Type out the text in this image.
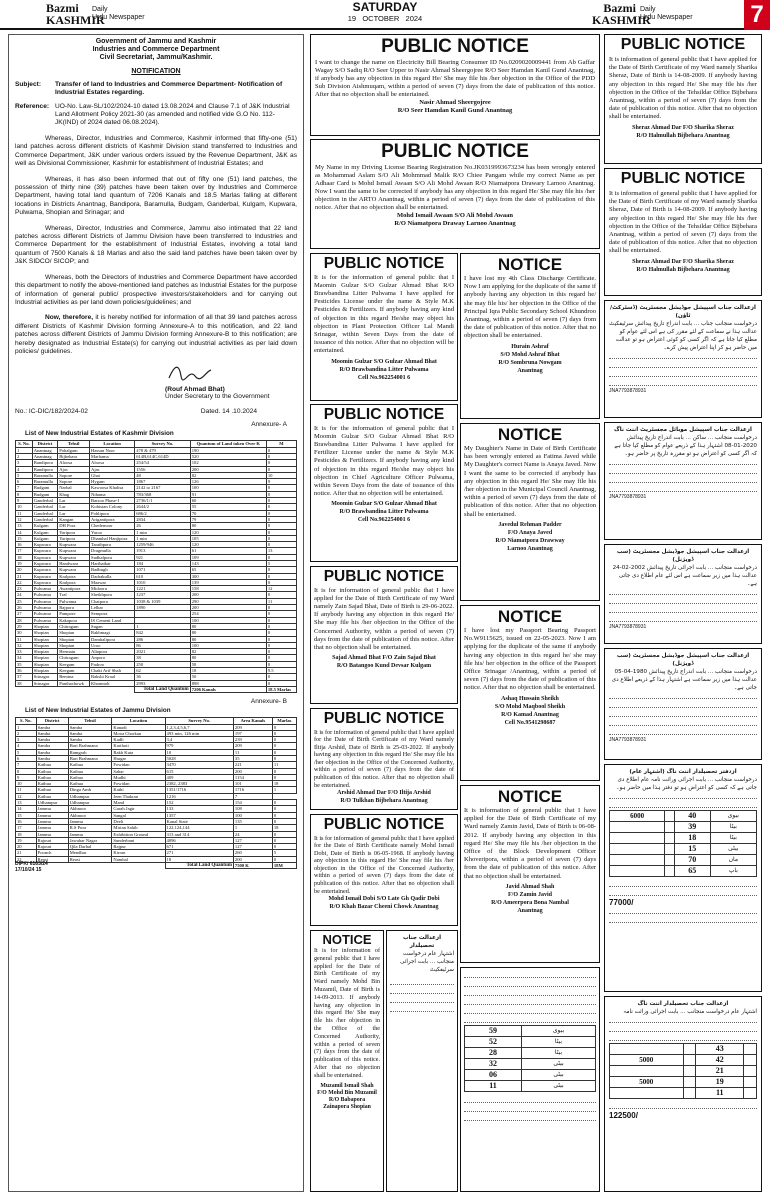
Bazmi
KASHMIR
Daily
Urdu Newspaper
SATURDAY
19   OCTOBER   2024
Bazmi
KASHMIR
Daily
Urdu Newspaper 7
Government of Jammu and Kashmir
Industries and Commerce Department
Civil Secretariat, Jammu/Kashmir.
NOTIFICATION
Subject:	Transfer of land to Industries and Commerce Department- Notification of Industrial Estates regarding.
Reference: UO-No. Law-SL/102/2024-10 dated 13.08.2024 and Clause 7.1 of J&K Industrial Land Allotment Policy 2021-30 (as amended and notified vide G.O No. 112-JK(IND) of 2024 dated 06.08.2024).

Whereas, Director, Industries and Commerce, Kashmir informed that fifty-one (51) land patches across different districts of Kashmir Division stand transferred to Industries and Commerce Department, J&K under various orders issued by the Revenue Department, J&K as well as Divisional Commissioner, Kashmir for establishment of Industrial Estates; and

Whereas, it has also been informed that out of fifty one (51) land patches, the possession of thirty nine (39) patches have been taken over by Industries and Commerce Department, having total land quantum of 7206 Kanals and 18.5 Marlas falling at different locations in Districts Anantnag, Bandipora, Baramulla, Budgam, Ganderbal, Kulgam, Kupwara, Pulwama, Shopian and Srinagar; and

Whereas, Director, Industries and Commerce, Jammu also intimated that 22 land patches across different Districts of Jammu Division have been transferred to Industries and Commerce Department for the establishment of Industrial Estates, involving a total land quantum of 7500 Kanals & 18 Marlas and also the said land patches have been taken over by J&K SIDCO/ SICOP; and

Whereas, both the Directors of Industries and Commerce Department have accorded this department to notify the above-mentioned land patches as Industrial Estates for the purpose of information of general public/ prospective investors/stakeholders and for carrying out Industrial activities as per land down policies/guidelines; and

Now, therefore, it is hereby notified for information of all that 39 land patches across different Districts of Kashmir Division forming Annexure-A to this notification, and 22 land patches across different Districts of Jammu Division forming Annexure-B to this notification; are hereby designated as Industrial Estate(s) for carrying out industrial activities as per laid down policies/ guidelines.

(Rouf Ahmad Bhat)
Under Secretary to the Government
No.: IC-DIC/182/2024-02	Dated. 14 .10.2024
Annexure- A
List of New Industrial Estates of Kashmir Division
S. No.	District	Tehsil	Location	Survey No.	Quantum of Land taken Over K	M
1	Anantnag	Pohalgam	Hassan Noor	478 & 479	190	0
2	Anantnag	Bijbehara	Marhama	614B,614C,614D	520	0
3	Bandipora	Aloosa	Aloosa	254/54	102	0
4	Bandipora	Ajas	Ajas	1556	200	0
5	Baramulla	Sopore	Ghat	48	82	10
6	Baramulla	Sopore	Hygam	1867	126	9
7	Budgam	Narbal	Kawoosa Khalisa	2142 to 2167	100	0
8	Budgam	Khag	Nihama	783/368	91	0
9	Ganderbal	Lar	Barsoo Phase-I	2736/1/1	60	0
10	Ganderbal	Lar	Kohistan Colony	2644/2	55	0
11	Ganderbal	Lar	Pohlipora	686/2	70	0
12	Ganderbal	Kangan	Arigantipora	2834	79	0
13	Kulgam	DH Pora	Chedernoor	26	80	0
14	Kulgam	Yaripora	Yaroo	1 min	120	0
15	Kulgam	Yaripora	Dhamhal Hanjipora	1 min	105	0
16	Kupwara	Kupwara	Tarathpora	1259/946	120	0
17	Kupwara	Kupwara	Dragmulla	1913	61	13
18	Kupwara	Kupwara	Sudhalpora	921	109	0
19	Kupwara	Handwara	Harthaikar	184	143	5
20	Kupwara	Kupwara	Badbugh	1071	65	0
21	Kupwara	Kralpora	Dadrakulla	610	300	0
22	Kupwara	Kralpora	Maawar	1010	139	0
23	Pulwama	Awantipora	Midoora	1221	158	12
24	Pulwama	Tral	Sheikhpora	1237	200	0
25	Pulwama	Pulwama	Chatpora	1038 & 1039	290	11
26	Pulwama	Rajpora	Lelhar	1890	200	0
27	Pulwama	Pampore	Sempora		254	0
28	Pulwama	Kakapora	IS Cement Land		100	0
29	Shopian	Chitragam	Sugan	1	80	0
30	Shopian	Shopian	Rakhmagi	842	80	0
31	Shopian	Shopian	Damhalipora	286	80	0
32	Shopian	Shopian	Uroo	86	100	0
33	Shopian	Hermain	Aliapora	2021	82	0
34	Shopian	Chitragam	Anpora	38	80	0
35	Shopian	Keegam	Padroo	250	58	0
36	Shopian	Keegam	Chaki Arif Shah	62	18	9.5
37	Srinagar	Bemina	Bakshi Kraal	36	50	0
38	Srinagar	Panthachowk	Khonmoh	2993	898	0
				Total Land Quantum	7206 Kanals	18.5 Marlas
Annexure- B
List of New Industrial Estates of Jammu Division
S. No.	District	Tehsil	Location	Survey No.	Area Kanals	Marlas
1	Samba	Samba	Kanadi	1,2,3,4,5,6,7	209	0
2	Samba	Samba	Mooa Chorkan	493 min, 126 min	197	0
3	Samba	Samba	Kadli	3,4	239	0
4	Samba	Bari Brahmana	Karthoti	979	209	0
5	Samba	Ramgarh	Rakh Kuta	10	11	0
6	Samba	Bari Brahmana	Hargar	5028	35	0
7	Kathua	Kathua	Fowidan	3470	221	11
8	Kathua	Kathua	Sahar	615	200	0
9	Kathua	Kathua	Mudhi	409	1154	0
10	Kathua	Kathua	Fowidan	2382, 2383	101	18
11	Kathua	Dinga Amb	Kathi	1351/1716	1716	1
12	Kathua	Udhampur	Jeen Thakran	1216	7	
13	Udhampur	Udhampur	Mand	152	154	0
14	Jammu	Akhnoor	Garah Jagir	133	108	0
15	Jammu	Akhnoor	Sangal	1357	100	0
16	Jammu	Jammu	Deeli	Kanal State	135	0
17	Jammu	R.S Pura	Mirian Sahib	122,124,144	1	18
18	Jammu	Jammu	Exhibition Ground	313 and 314	24	0
19	Rajouri	Jawahar Nagar	Sunderbani	4096	127	0
20	Rajouri	Qila Darhal	Rajpur	671	127	0
21	Poonch	Mendhar	Kirran	271	260	5
22	Reasi	Reasi	Nambal	18	200	0
				Total Land Quantum	7500 K	18M
DIPK/ 6163/24
17/10/24 15
PUBLIC NOTICE
I want to change the name on Electricity Bill Bearing Consumer ID No.0209020009441 from Ab Gaffar Wagay S/O Sadiq R/O Seer Upper to Nasir Ahmad Sheergojree R/O Seer Hamdan Kanil Gund Anantnag, if anybody has any objection in this regard He/ She may file his /her objection in the Office of the PDD Sub Division Aishmuqam, within a period of seven (7) days from the date of publication of this notice. After that no objection shall be entertained.
Nasir Ahmad Sheergojree
R/O Seer Hamdan Kanil Gund Anantnag
PUBLIC NOTICE
My Name in my Driving License Bearing Registration No.JK0319993673234 has been wrongly entered as Mohammad Aslam S/O Ali Mohmmad Malik R/O Chiee Pangam while my correct Name as per Adhaar Card is Mohd Ismail Awaan S/O Ali Mohd Awaan R/O Niamatpora Drawary Larnoo Anantnag. Now I want the same to be corrected if anybody has any objection in this regard He/ She may file his /her objection in the ARTO Anantnag, within a period of seven (7) days from the date of publication of this notice. After that no objection shall be entertained.
Mohd Ismail Awaan S/O Ali Mohd Awaan
R/O Niamatpora Draway Larnoo Anantnag
PUBLIC NOTICE
It is for the information of general public that I Maomin Gulzar S/O Gulzar Ahmad Bhat R/O Brawbandina Litter Pulwama I have applied for Pesticides License under the name & Style M.K Pesticides & Fertilizers. If anybody having any kind of objection in this regard He/she may object his objection in Plant Protection Officer Lal Mandi Srinagar, within Seven Days from the date of issuance of this notice. After that no objection will be entertained.
Moomin Gulzar S/O Gulzar Ahmad Bhat
R/O Brawbandina Litter Pulwama
Cell No.962254001 6
PUBLIC NOTICE
It is for the information of general public that I Moomin Gulzar S/O Gulzar Ahmad Bhat R/O Brawbandina Litter Pulwama I have applied for Fertilizer License under the name & Style M.K Pesticides & Fertilizers. If anybody having any kind of objection in this regard He/she may object his objection in Chief Agriculture Officer Pulwama, within Seven Days from the date of issuance of this notice. After that no objection will be entertained.
Moomin Gulzar S/O Gulzar Ahmad Bhat
R/O Brawbandina Litter Pulwama
Cell No.962254001 6
PUBLIC NOTICE
It is for information of general public that I have applied for the Date of Birth Certificate of my Ward namely Zain Sajad Bhat, Date of Birth is 29-06-2022. If anybody having any objection in this regard He/ She may file his /her objection in the Office of the Concerned Authority, within a period of seven (7) days from the date of publication of this notice. After that no objection shall be entertained.
Sajad Ahmad Bhat F/O Zain Sajad Bhat
R/O Batangoo Kund Devsar Kulgam
PUBLIC NOTICE
It is for information of general public that I have applied for the Date of Birth Certificate of my Ward namely Iltija Arshid, Date of Birth is 25-03-2022. If anybody having any objection in this regard He/ She may file his /her objection in the Office of the Concerned Authority, within a period of seven (7) days from the date of publication of this notice. After that no objection shall be entertained.
Arshid Ahmad Dar F/O Iltija Arshid
R/O Tulkhan Bijbehara Anantnag
PUBLIC NOTICE
It is for information of general public that I have applied for the Date of Birth Certificate namely Mohd Ismail Dobi, Date of Birth is 06-05-1968. If anybody having any objection in this regard He/ She may file his /her objection in the Office of the Concerned Authority, within a period of seven (7) days from the date of publication of this notice. After that no objection shall be entertained.
Mohd Ismail Dobi S/O Late Gh Qadir Dobi
R/O Khah Bazar Cheeni Chowk Anantnag
NOTICE
I have lost my 4th Class Discharge Certificate. Now I am applying for the duplicate of the same if anybody having any objection in this regard he/ she may file his/ her objection in the Office of the Principal Iqra Public Secondary School Khundroo Anantnag, within a period of seven (7) days from the date of publication of this notice. After that no objection shall be entertained.
Hurain Ashraf
S/O Mohd Ashraf Bhat
R/O Sombruna Nowgam
Anantnag
NOTICE
My Daughter's Name in Date of Birth Certificate has been wrongly entered as Fatima Javed while My Daughter's correct Name is Anaya Javed. Now I want the same to be corrected if anybody has any objection in this regard He/ She may file his /her objection in the Municipal Council Anantnag, within a period of seven (7) days from the date of publication of this notice. After that no objection shall be entertained.
Javedul Rehman Padder
F/O Anaya Javed
R/O Niamatpora Drawway
Larnoo Anantnag
NOTICE
I have lost my Passport Bearing Passport No.W9115625, issued on 22-05-2023. Now I am applying for the duplicate of the same if anybody having any objection in this regard he/ she may file his/ her objection in the office of the Passport Office Srinagar /Anantnag, within a period of seven (7) days from the date of publication of this notice. After that no objection shall be entertained.
Ashaq Hussain Sheikh
S/O Mohd Maqbool Sheikh
R/O Kamad Anantnag
Cell No.9541298687
NOTICE
It is information of general public that I have applied for the Date of Birth Certificate of my Ward namely Zamin Javid, Date of Birth is 06-08-2012. If anybody having any objection in this regard He/ She may file his /her objection in the Office of the Block Development Officer Khoveripora, within a period of seven (7) days from the date of publication of this notice. After that no objection shall be entertained.
Javid Ahmad Shah
F/O Zamin Javid
R/O Ameerpora Bona Nambal
Anantnag
NOTICE
It is for information of general public that I have applied for the Date of Birth Certificate of my Ward namely Mohd Bin Muzamil, Date of Birth is 14-09-2013. If anybody having any objection in this regard He/ She may file his /her objection in the Office of the Concerned Authority, within a period of seven (7) days from the date of publication of this notice. After that no objection shall be entertained.
Muzamil Ismail Shah
F/O Mohd Bin Muzamil
R/O Babapora
Zainapora Shopian
ازعدالت جناب تحصیلدار
اشتہار عام درخواست منجانب ... بابت اجرائی سرٹیفکیٹ
59	بیوی
52	بیٹا
28	بیٹا
32	بیٹی
06	بیٹی
11	بیٹی
PUBLIC NOTICE
It is information of general public that I have applied for the Date of Birth Certificate of my Ward namely Sharika Sheraz, Date of Birth is 14-08-2009. If anybody having any objection in this regard He/ She may file his /her objection in the Office of the Tehsildar Office Bijbehara Anantnag, within a period of seven (7) days from the date of publication of this notice. After that no objection shall be entertained.
Sheraz Ahmad Dar F/O Sharika Sheraz
R/O Halmullah Bijbehara Anantnag
PUBLIC NOTICE
It is information of general public that I have applied for the Date of Birth Certificate of my Ward namely Sharika Sheraz, Date of Birth is 14-08-2009. If anybody having any objection in this regard He/ She may file his /her objection in the Office of the Tehsildar Office Bijbehara Anantnag, within a period of seven (7) days from the date of publication of this notice. After that no objection shall be entertained.
Sheraz Ahmad Dar F/O Sharika Sheraz
R/O Halmullah Bijbehara Anantnag
ازعدالت جناب اسپیشل جوڈیشل مجسٹریٹ (ڈسٹرکٹ/ٹاؤن)
درخواست منجانب جناب ... بابت اندراج تاریخ پیدائش سرٹیفکیٹ عدالت ہذا نے سماعت کے لئے مقرر کی ہے اس لئے عوام کو مطلع کیا جاتا ہے کہ اگر کسی کو کوئی اعتراض ہو تو عدالت میں حاضر ہو کر اپنا اعتراض پیش کرے۔
JNA7793878931
ازعدالت جناب اسپیشل موبائل مجسٹریٹ اننت ناگ
درخواست منجانب ... ساکن ... بابت اندراج تاریخ پیدائش 2020-01-08 اشتہار ہذا کے ذریعے عوام کو مطلع کیا جاتا ہے کہ اگر کسی کو اعتراض ہو تو مقررہ تاریخ پر حاضر ہو۔
JNA7793878931
ازعدالت جناب اسپیشل جوڈیشل مجسٹریٹ (سب ڈویژنل)
درخواست منجانب ... بابت اجرائی تاریخ پیدائش 2002-02-24 عدالت ہذا میں زیر سماعت ہے اس لئے عام اطلاع دی جاتی ہے۔
JNA7793878931
ازعدالت جناب اسپیشل جوڈیشل مجسٹریٹ (سب ڈویژنل)
درخواست منجانب ... بابت اندراج تاریخ پیدائش 1980-04-05 عدالت ہذا میں زیر سماعت ہے اشتہار ہذا کے ذریعے اطلاع دی جاتی ہے۔
JNA7793878931
ازدفتر تحصیلدار اننت ناگ (اشتہار عام)
درخواست منجانب ... بابت اجرائی وراثت نامہ عام اطلاع دی جاتی ہے کہ کسی کو اعتراض ہو تو دفتر ہذا میں حاضر ہو۔
6000		40	بیوی
		39	بیٹا
		18	بیٹا
		15	بیٹی
		70	ماں
		65	باپ
77000/
ازعدالت جناب تحصیلدار اننت ناگ
اشتہار عام درخواست منجانب ... بابت اجرائی وراثت نامہ
		43	
5000		42	
		21	
5000		19	
		11	
122500/
